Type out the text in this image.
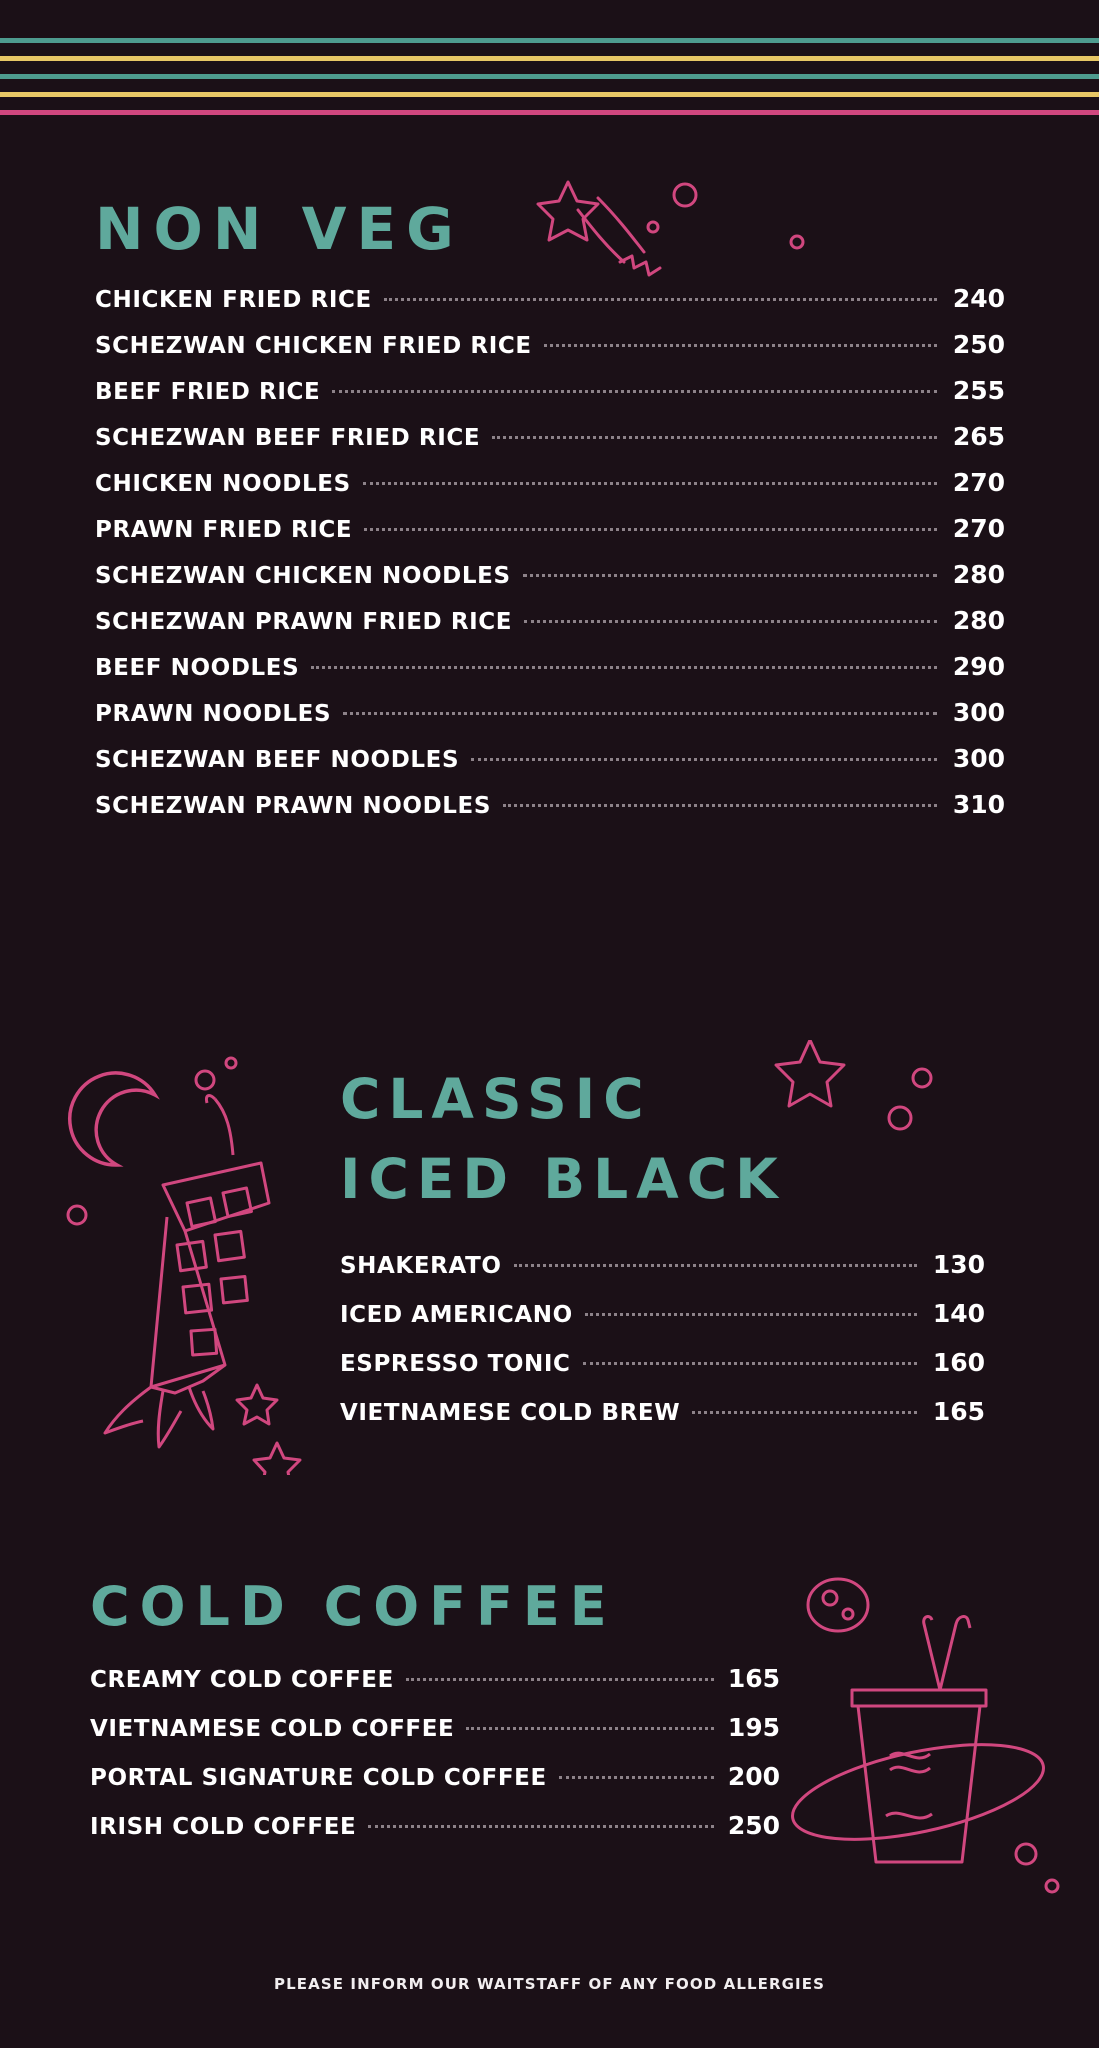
NON VEG
CHICKEN FRIED RICE	240
SCHEZWAN CHICKEN FRIED RICE	250
BEEF FRIED RICE	255
SCHEZWAN BEEF FRIED RICE	265
CHICKEN NOODLES	270
PRAWN FRIED RICE	270
SCHEZWAN CHICKEN NOODLES	280
SCHEZWAN PRAWN FRIED RICE	280
BEEF NOODLES	290
PRAWN NOODLES	300
SCHEZWAN BEEF NOODLES	300
SCHEZWAN PRAWN NOODLES	310
CLASSIC
ICED BLACK
SHAKERATO	130
ICED AMERICANO	140
ESPRESSO TONIC	160
VIETNAMESE COLD BREW	165
COLD COFFEE
CREAMY COLD COFFEE	165
VIETNAMESE COLD COFFEE	195
PORTAL SIGNATURE COLD COFFEE	200
IRISH COLD COFFEE	250
PLEASE INFORM OUR WAITSTAFF OF ANY FOOD ALLERGIES
